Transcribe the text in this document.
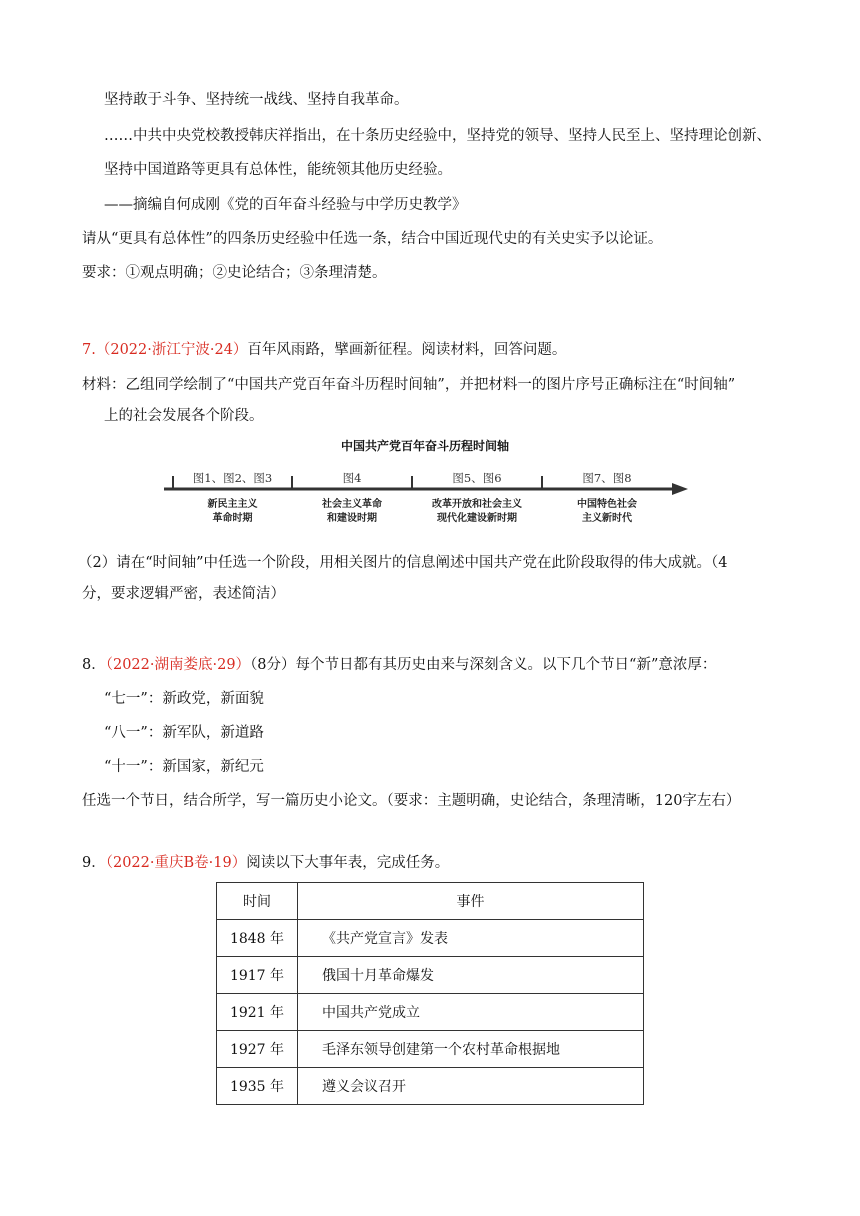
坚持敢于斗争、坚持统一战线、坚持自我革命。
……中共中央党校教授韩庆祥指出，在十条历史经验中，坚持党的领导、坚持人民至上、坚持理论创新、
坚持中国道路等更具有总体性，能统领其他历史经验。
——摘编自何成刚《党的百年奋斗经验与中学历史教学》
请从“更具有总体性”的四条历史经验中任选一条，结合中国近现代史的有关史实予以论证。
要求：①观点明确；②史论结合；③条理清楚。
7.（2022·浙江宁波·24）百年风雨路，擘画新征程。阅读材料，回答问题。
材料：乙组同学绘制了“中国共产党百年奋斗历程时间轴”，并把材料一的图片序号正确标注在“时间轴”
上的社会发展各个阶段。
中国共产党百年奋斗历程时间轴
图1、图2、图3	图4	图5、图6	图7、图8
新民主主义
革命时期
社会主义革命
和建设时期
改革开放和社会主义
现代化建设新时期
中国特色社会
主义新时代
（2）请在“时间轴”中任选一个阶段，用相关图片的信息阐述中国共产党在此阶段取得的伟大成就。（4
分，要求逻辑严密，表述简洁）
8．（2022·湖南娄底·29）（8分）每个节日都有其历史由来与深刻含义。以下几个节日“新”意浓厚：
“七一”：新政党，新面貌
“八一”：新军队，新道路
“十一”：新国家，新纪元
任选一个节日，结合所学，写一篇历史小论文。（要求：主题明确，史论结合，条理清晰，120字左右）
9．（2022·重庆B卷·19）阅读以下大事年表，完成任务。
时间	事件
1848 年	《共产党宣言》发表
1917 年	俄国十月革命爆发
1921 年	中国共产党成立
1927 年	毛泽东领导创建第一个农村革命根据地
1935 年	遵义会议召开
